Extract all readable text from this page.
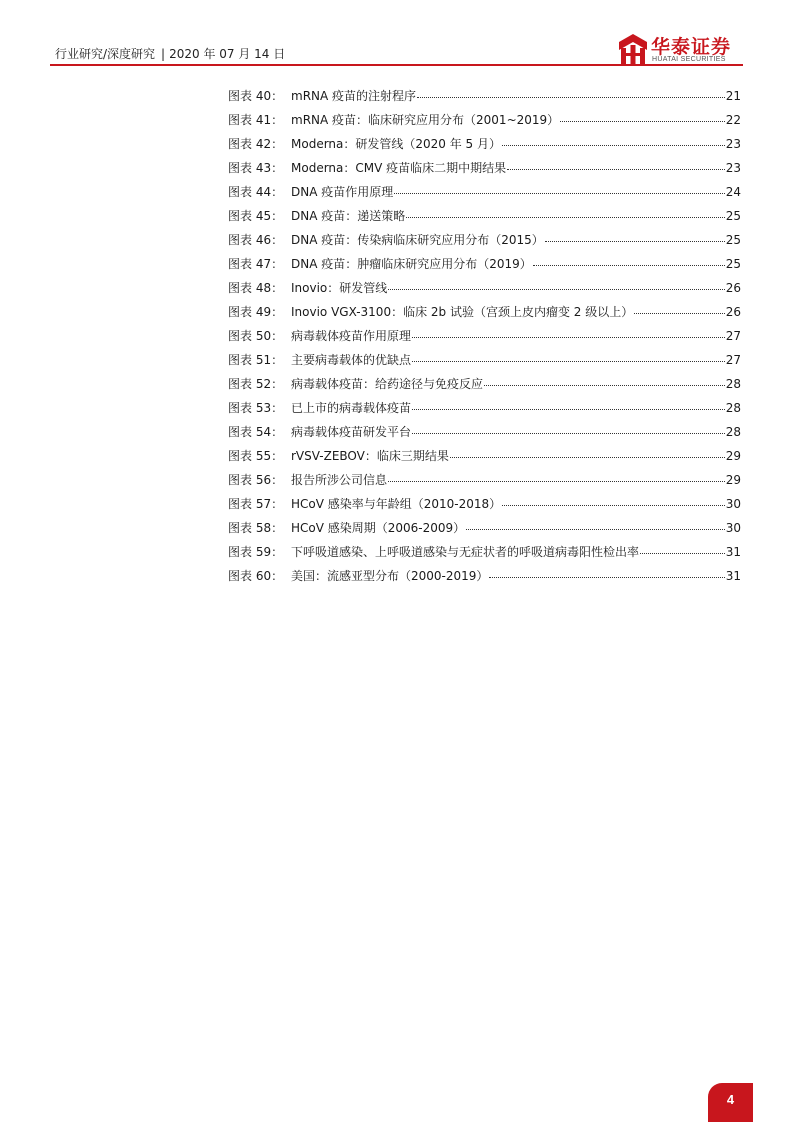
行业研究/深度研究 | 2020 年 07 月 14 日	华泰证券
HUATAI SECURITIES
图表 40： mRNA 疫苗的注射程序	21
图表 41： mRNA 疫苗：临床研究应用分布（2001~2019）	22
图表 42： Moderna：研发管线（2020 年 5 月）	23
图表 43： Moderna：CMV 疫苗临床二期中期结果	23
图表 44： DNA 疫苗作用原理	24
图表 45： DNA 疫苗：递送策略	25
图表 46： DNA 疫苗：传染病临床研究应用分布（2015）	25
图表 47： DNA 疫苗：肿瘤临床研究应用分布（2019）	25
图表 48： Inovio：研发管线	26
图表 49： Inovio VGX-3100：临床 2b 试验（宫颈上皮内瘤变 2 级以上）	26
图表 50： 病毒载体疫苗作用原理	27
图表 51： 主要病毒载体的优缺点	27
图表 52： 病毒载体疫苗：给药途径与免疫反应	28
图表 53： 已上市的病毒载体疫苗	28
图表 54： 病毒载体疫苗研发平台	28
图表 55： rVSV-ZEBOV：临床三期结果	29
图表 56： 报告所涉公司信息	29
图表 57： HCoV 感染率与年龄组（2010-2018）	30
图表 58： HCoV 感染周期（2006-2009）	30
图表 59： 下呼吸道感染、上呼吸道感染与无症状者的呼吸道病毒阳性检出率	31
图表 60： 美国：流感亚型分布（2000-2019）	31
4
